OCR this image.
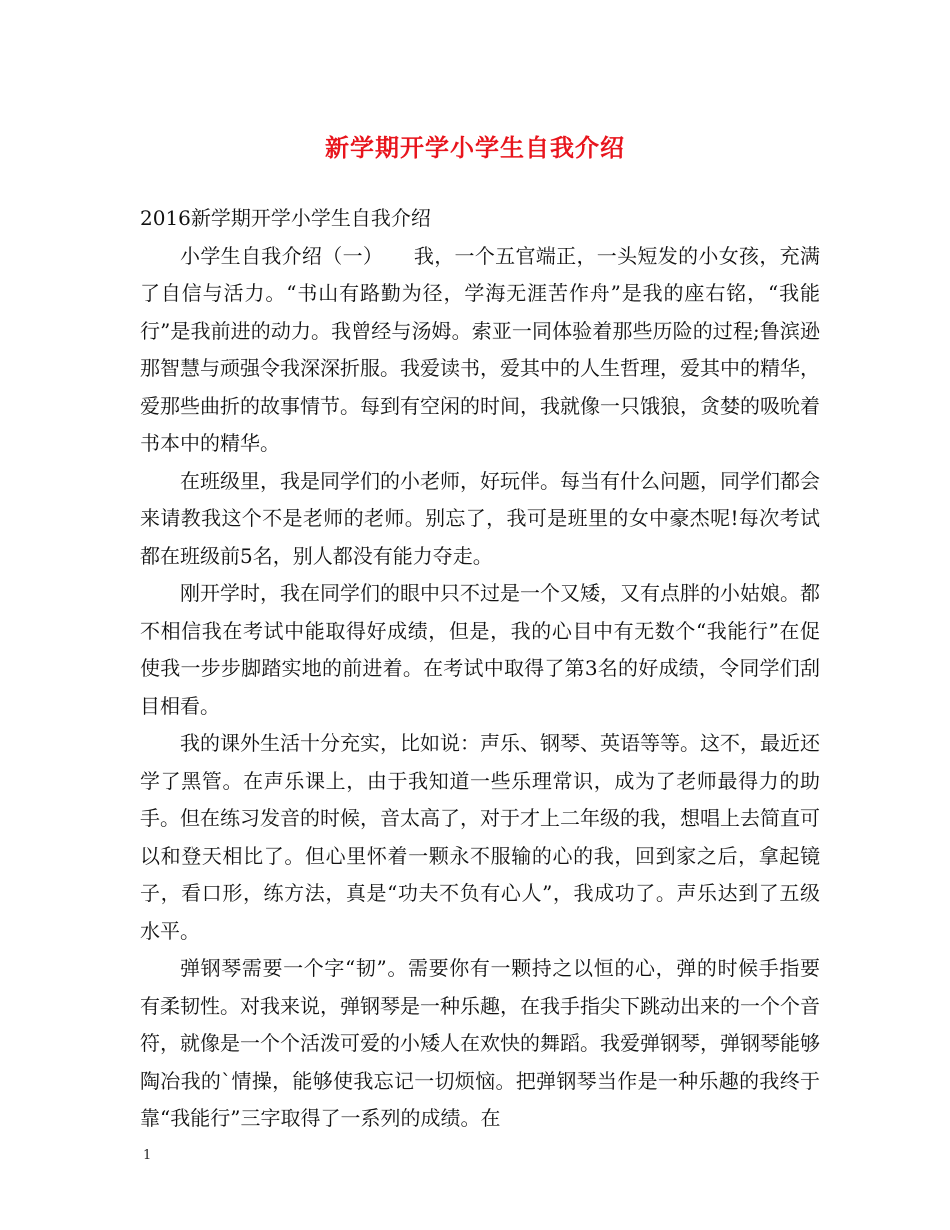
新学期开学小学生自我介绍

2016新学期开学小学生自我介绍

小学生自我介绍（一）　　我，一个五官端正，一头短发的小女孩，充满了自信与活力。“书山有路勤为径，学海无涯苦作舟”是我的座右铭，“我能行”是我前进的动力。我曾经与汤姆。索亚一同体验着那些历险的过程;鲁滨逊那智慧与顽强令我深深折服。我爱读书，爱其中的人生哲理，爱其中的精华，爱那些曲折的故事情节。每到有空闲的时间，我就像一只饿狼，贪婪的吸吮着书本中的精华。

在班级里，我是同学们的小老师，好玩伴。每当有什么问题，同学们都会来请教我这个不是老师的老师。别忘了，我可是班里的女中豪杰呢!每次考试都在班级前5名，别人都没有能力夺走。

刚开学时，我在同学们的眼中只不过是一个又矮，又有点胖的小姑娘。都不相信我在考试中能取得好成绩，但是，我的心目中有无数个“我能行”在促使我一步步脚踏实地的前进着。在考试中取得了第3名的好成绩，令同学们刮目相看。

我的课外生活十分充实，比如说：声乐、钢琴、英语等等。这不，最近还学了黑管。在声乐课上，由于我知道一些乐理常识，成为了老师最得力的助手。但在练习发音的时候，音太高了，对于才上二年级的我，想唱上去简直可以和登天相比了。但心里怀着一颗永不服输的心的我，回到家之后，拿起镜子，看口形，练方法，真是“功夫不负有心人”，我成功了。声乐达到了五级水平。

弹钢琴需要一个字“韧”。需要你有一颗持之以恒的心，弹的时候手指要有柔韧性。对我来说，弹钢琴是一种乐趣，在我手指尖下跳动出来的一个个音符，就像是一个个活泼可爱的小矮人在欢快的舞蹈。我爱弹钢琴，弹钢琴能够陶冶我的`情操，能够使我忘记一切烦恼。把弹钢琴当作是一种乐趣的我终于靠“我能行”三字取得了一系列的成绩。在

1
